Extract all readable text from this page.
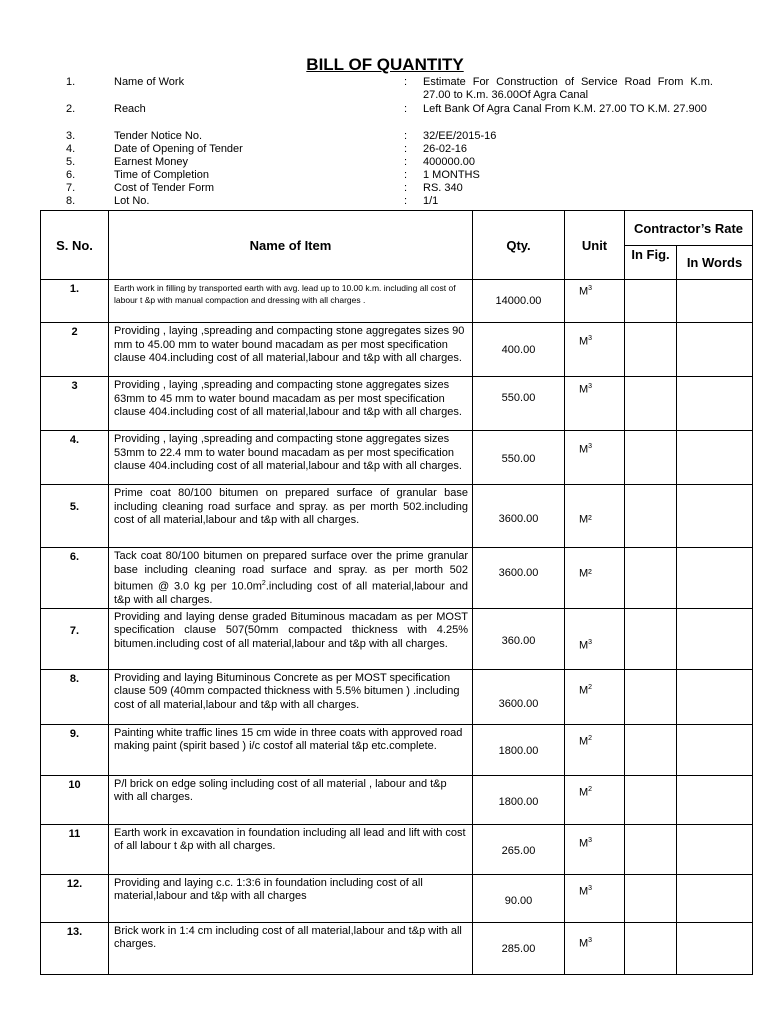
BILL OF QUANTITY
1.	Name of Work	: Estimate For Construction of Service Road From K.m. 27.00 to K.m. 36.00Of Agra Canal
2.	Reach	: Left Bank Of Agra Canal From K.M. 27.00 TO K.M. 27.900
3.	Tender Notice No.	: 32/EE/2015-16
4.	Date of Opening of Tender	: 26-02-16
5.	Earnest Money	: 400000.00
6.	Time of Completion	: 1 MONTHS
7.	Cost of Tender Form	: RS. 340
8.	Lot No.	: 1/1
S. No.	Name of Item	Qty.	Unit	Contractor’s Rate	
				In Fig.	In Words
1.	Earth work in filling by transported earth with avg. lead up to 10.00 k.m. including all cost of labour t &p with manual compaction and dressing with all charges .	14000.00	$M^3$		
2	Providing , laying ,spreading and compacting stone aggregates sizes 90 mm to 45.00 mm to water bound macadam as per most specification clause 404.including cost of all material,labour and t&p with all charges.	400.00	$M^3$		
3	Providing , laying ,spreading and compacting stone aggregates sizes 63mm to 45 mm to water bound macadam as per most specification clause 404.including cost of all material,labour and t&p with all charges.	550.00	$M^3$		
4.	Providing , laying ,spreading and compacting stone aggregates sizes 53mm to 22.4 mm to water bound macadam as per most specification clause 404.including cost of all material,labour and t&p with all charges.	550.00	$M^3$		
5.	Prime coat 80/100 bitumen on prepared surface of granular base including cleaning road surface and spray. as per morth 502.including cost of all material,labour and t&p with all charges.	3600.00	M²		
6.	Tack coat 80/100 bitumen on prepared surface over the prime granular base including cleaning road surface and spray. as per morth 502 bitumen @ 3.0 kg per $10.0m^2.including$ cost of all material,labour and t&p with all charges.	3600.00	M²		
7.	Providing and laying dense graded Bituminous macadam as per MOST specification clause 507(50mm compacted thickness with 4.25% bitumen.including cost of all material,labour and t&p with all charges.	360.00	$M^3$		
8.	Providing and laying Bituminous Concrete as per MOST specification clause 509 (40mm compacted thickness with 5.5% bitumen ) .including cost of all material,labour and t&p with all charges.	3600.00	$M^2$		
9.	Painting white traffic lines 15 cm wide in three coats with approved road making paint (spirit based ) i/c costof all material t&p etc.complete.	1800.00	$M^2$		
10	P/l brick on edge soling including cost of all material , labour and t&p with all charges.	1800.00	$M^2$		
11	Earth work in excavation in foundation including all lead and lift with cost of all labour t &p with all charges.	265.00	$M^3$		
12.	Providing and laying c.c. 1:3:6 in foundation including cost of all material,labour and t&p with all charges	90.00	$M^3$		
13.	Brick work in 1:4 cm including cost of all material,labour and t&p with all charges.	285.00	$M^3$		
